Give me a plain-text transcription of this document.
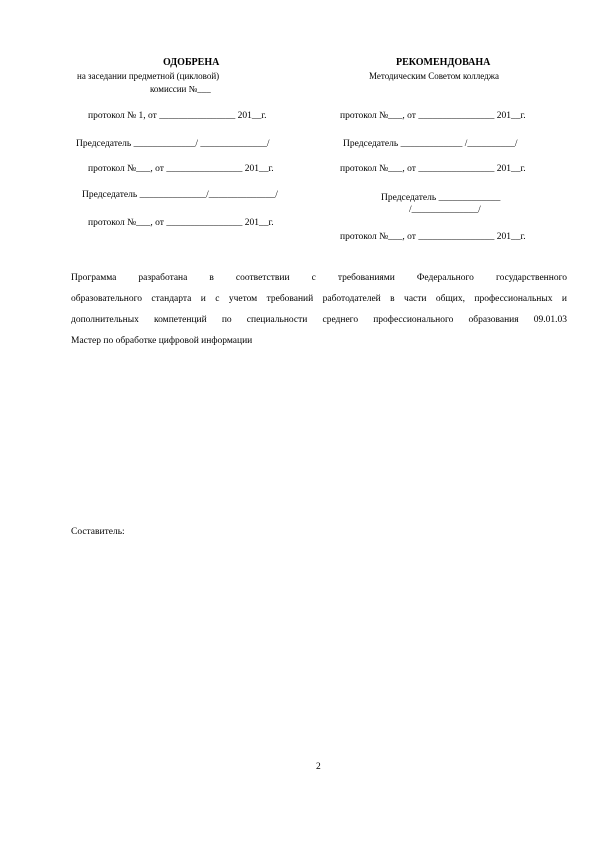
ОДОБРЕНА
на заседании предметной (цикловой)
комиссии №___
протокол № 1, от ________________ 201__г.
Председатель _____________/ ______________/
протокол №___, от ________________ 201__г.
Председатель ______________/______________/
протокол №___, от ________________ 201__г.
РЕКОМЕНДОВАНА
Методическим Советом колледжа
протокол №___, от ________________ 201__г.
Председатель _____________ /__________/
протокол №___, от ________________ 201__г.
Председатель _____________
/______________/
протокол №___, от ________________ 201__г.
Программа разработана в соответствии с требованиями Федерального государственного
образовательного стандарта и с учетом требований работодателей в части общих, профессиональных и
дополнительных компетенций по специальности среднего профессионального образования 09.01.03
Мастер по обработке цифровой информации
Составитель:
2
